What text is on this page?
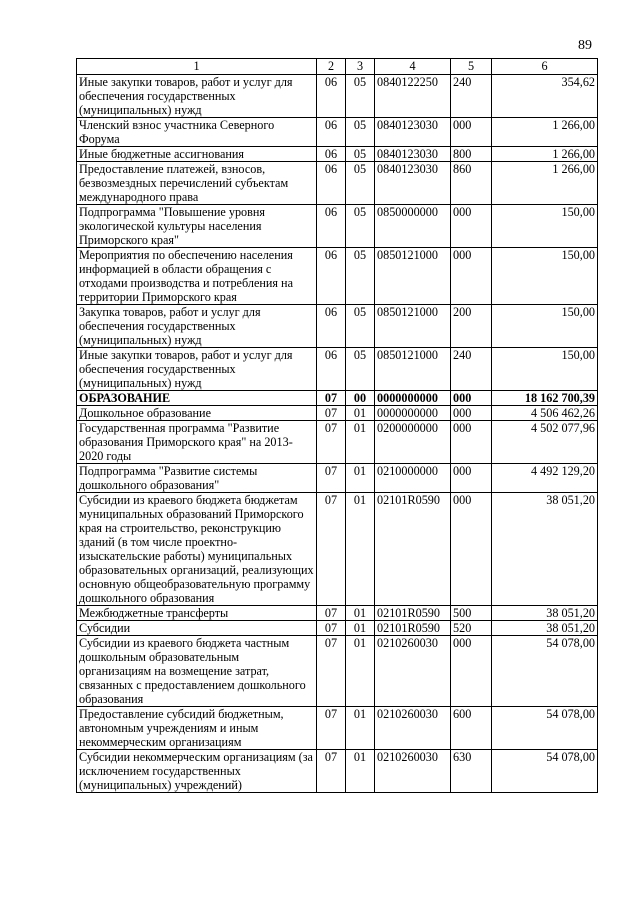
89
1	2	3	4	5	6
Иные закупки товаров, работ и услуг для обеспечения государственных (муниципальных) нужд	06	05	0840122250	240	354,62
Членский взнос участника Северного Форума	06	05	0840123030	000	1 266,00
Иные бюджетные ассигнования	06	05	0840123030	800	1 266,00
Предоставление платежей, взносов, безвозмездных перечислений субъектам международного права	06	05	0840123030	860	1 266,00
Подпрограмма "Повышение уровня экологической культуры населения Приморского края"	06	05	0850000000	000	150,00
Мероприятия по обеспечению населения информацией в области обращения с отходами производства и потребления на территории Приморского края	06	05	0850121000	000	150,00
Закупка товаров, работ и услуг для обеспечения государственных (муниципальных) нужд	06	05	0850121000	200	150,00
Иные закупки товаров, работ и услуг для обеспечения государственных (муниципальных) нужд	06	05	0850121000	240	150,00
ОБРАЗОВАНИЕ	07	00	0000000000	000	18 162 700,39
Дошкольное образование	07	01	0000000000	000	4 506 462,26
Государственная программа "Развитие образования Приморского края" на 2013-2020 годы	07	01	0200000000	000	4 502 077,96
Подпрограмма "Развитие системы дошкольного образования"	07	01	0210000000	000	4 492 129,20
Субсидии из краевого бюджета бюджетам муниципальных образований Приморского края на строительство, реконструкцию зданий (в том числе проектно-изыскательские работы) муниципальных образовательных организаций, реализующих основную общеобразовательную программу дошкольного образования	07	01	02101R0590	000	38 051,20
Межбюджетные трансферты	07	01	02101R0590	500	38 051,20
Субсидии	07	01	02101R0590	520	38 051,20
Субсидии из краевого бюджета частным дошкольным образовательным организациям на возмещение затрат, связанных с предоставлением дошкольного образования	07	01	0210260030	000	54 078,00
Предоставление субсидий бюджетным, автономным учреждениям и иным некоммерческим организациям	07	01	0210260030	600	54 078,00
Субсидии некоммерческим организациям (за исключением государственных (муниципальных) учреждений)	07	01	0210260030	630	54 078,00
